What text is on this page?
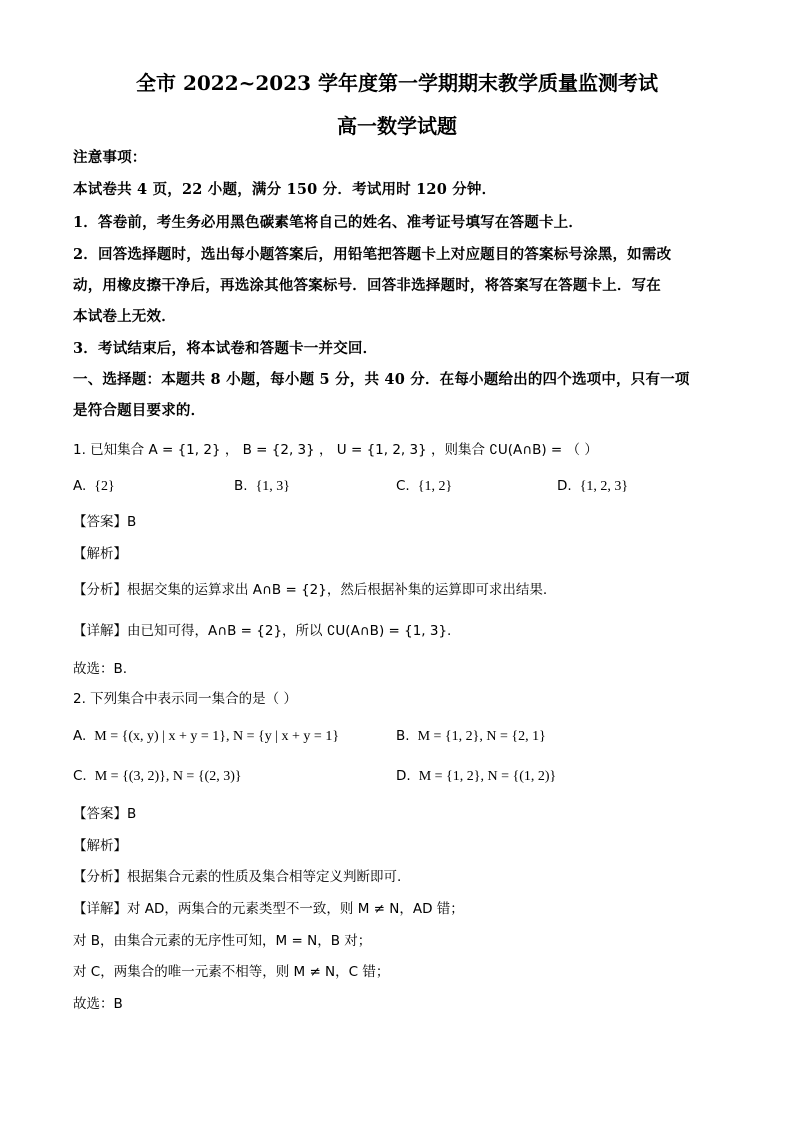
全市 2022~2023 学年度第一学期期末教学质量监测考试
高一数学试题
注意事项：
本试卷共 4 页，22 小题，满分 150 分．考试用时 120 分钟．
1．答卷前，考生务必用黑色碳素笔将自己的姓名、准考证号填写在答题卡上．
2．回答选择题时，选出每小题答案后，用铅笔把答题卡上对应题目的答案标号涂黑，如需改
动，用橡皮擦干净后，再选涂其他答案标号．回答非选择题时，将答案写在答题卡上．写在
本试卷上无效．
3．考试结束后，将本试卷和答题卡一并交回．
一、选择题：本题共 8 小题，每小题 5 分，共 40 分．在每小题给出的四个选项中，只有一项
是符合题目要求的．
1. 已知集合 A = {1, 2} ， B = {2, 3} ， U = {1, 2, 3} ，则集合 ∁U(A∩B) = （ ）
A. {2}	B. {1, 3}	C. {1, 2}	D. {1, 2, 3}
【答案】B
【解析】
【分析】根据交集的运算求出 A∩B = {2}，然后根据补集的运算即可求出结果.
【详解】由已知可得，A∩B = {2}，所以 ∁U(A∩B) = {1, 3}.
故选：B.
2. 下列集合中表示同一集合的是（ ）
A. M = {(x, y) | x + y = 1}, N = {y | x + y = 1}	B. M = {1, 2}, N = {2, 1}
C. M = {(3, 2)}, N = {(2, 3)}	D. M = {1, 2}, N = {(1, 2)}
【答案】B
【解析】
【分析】根据集合元素的性质及集合相等定义判断即可.
【详解】对 AD，两集合的元素类型不一致，则 M ≠ N，AD 错；
对 B，由集合元素的无序性可知，M = N，B 对；
对 C，两集合的唯一元素不相等，则 M ≠ N，C 错；
故选：B
